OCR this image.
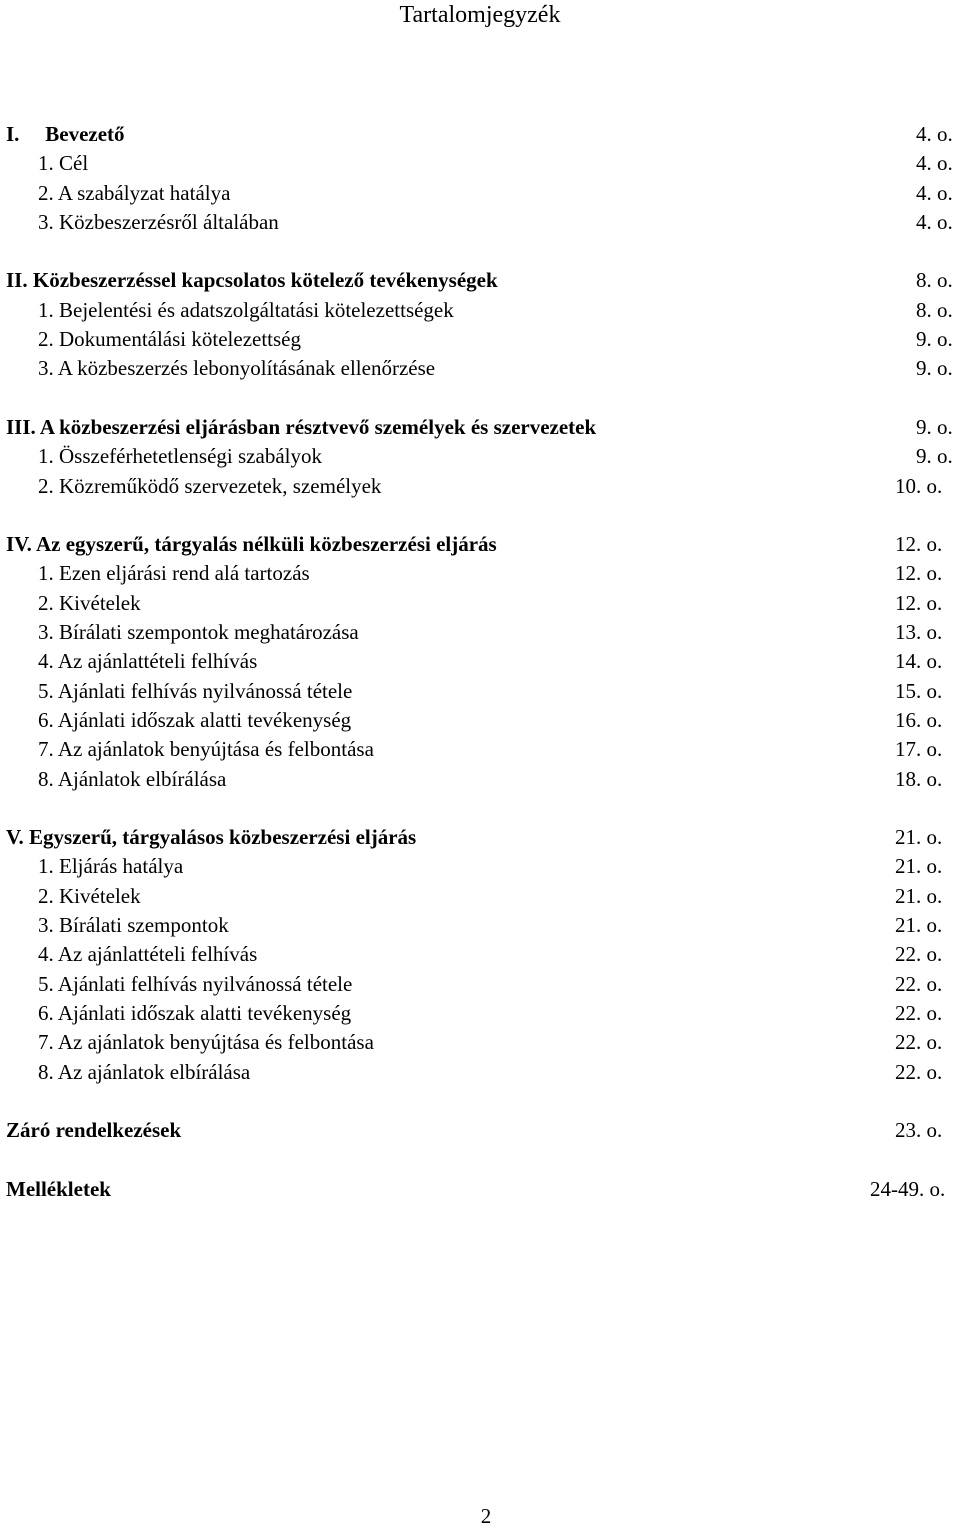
Tartalomjegyzék
I. Bevezető	4. o.
1. Cél	4. o.
2. A szabályzat hatálya	4. o.
3. Közbeszerzésről általában	4. o.
II. Közbeszerzéssel kapcsolatos kötelező tevékenységek	8. o.
1. Bejelentési és adatszolgáltatási kötelezettségek	8. o.
2. Dokumentálási kötelezettség	9. o.
3. A közbeszerzés lebonyolításának ellenőrzése	9. o.
III. A közbeszerzési eljárásban résztvevő személyek és szervezetek	9. o.
1. Összeférhetetlenségi szabályok	9. o.
2. Közreműködő szervezetek, személyek	10. o.
IV. Az egyszerű, tárgyalás nélküli közbeszerzési eljárás	12. o.
1. Ezen eljárási rend alá tartozás	12. o.
2. Kivételek	12. o.
3. Bírálati szempontok meghatározása	13. o.
4. Az ajánlattételi felhívás	14. o.
5. Ajánlati felhívás nyilvánossá tétele	15. o.
6. Ajánlati időszak alatti tevékenység	16. o.
7. Az ajánlatok benyújtása és felbontása	17. o.
8. Ajánlatok elbírálása	18. o.
V. Egyszerű, tárgyalásos közbeszerzési eljárás	21. o.
1. Eljárás hatálya	21. o.
2. Kivételek	21. o.
3. Bírálati szempontok	21. o.
4. Az ajánlattételi felhívás	22. o.
5. Ajánlati felhívás nyilvánossá tétele	22. o.
6. Ajánlati időszak alatti tevékenység	22. o.
7. Az ajánlatok benyújtása és felbontása	22. o.
8. Az ajánlatok elbírálása	22. o.
Záró rendelkezések	23. o.
Mellékletek	24-49. o.
2
